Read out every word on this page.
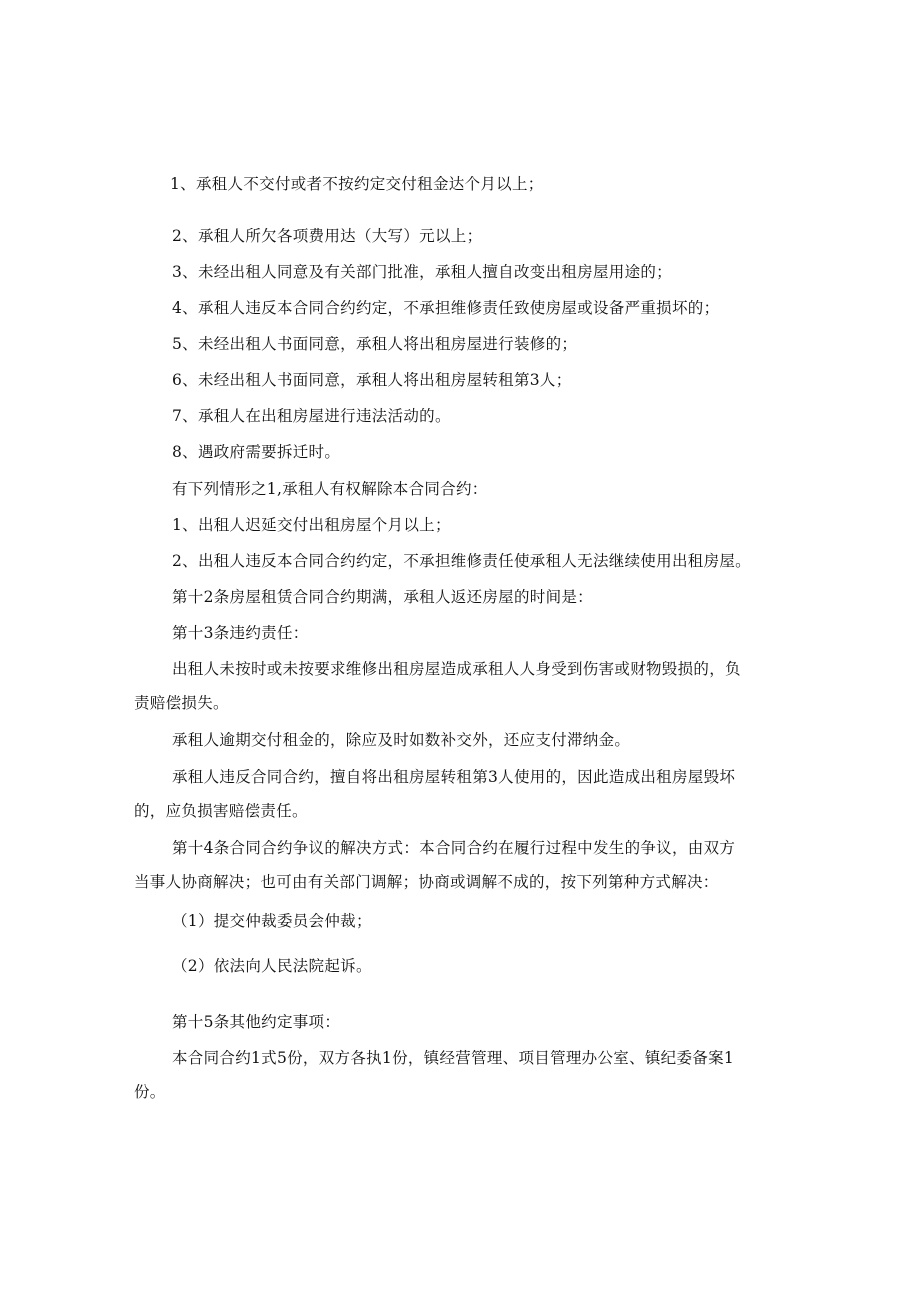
1、承租人不交付或者不按约定交付租金达个月以上；
2、承租人所欠各项费用达（大写）元以上；
3、未经出租人同意及有关部门批准，承租人擅自改变出租房屋用途的；
4、承租人违反本合同合约约定，不承担维修责任致使房屋或设备严重损坏的；
5、未经出租人书面同意，承租人将出租房屋进行装修的；
6、未经出租人书面同意，承租人将出租房屋转租第3人；
7、承租人在出租房屋进行违法活动的。
8、遇政府需要拆迁时。
有下列情形之1,承租人有权解除本合同合约：
1、出租人迟延交付出租房屋个月以上；
2、出租人违反本合同合约约定，不承担维修责任使承租人无法继续使用出租房屋。
第十2条房屋租赁合同合约期满，承租人返还房屋的时间是：
第十3条违约责任：
出租人未按时或未按要求维修出租房屋造成承租人人身受到伤害或财物毁损的，负
责赔偿损失。
承租人逾期交付租金的，除应及时如数补交外，还应支付滞纳金。
承租人违反合同合约，擅自将出租房屋转租第3人使用的，因此造成出租房屋毁坏
的，应负损害赔偿责任。
第十4条合同合约争议的解决方式：本合同合约在履行过程中发生的争议，由双方
当事人协商解决；也可由有关部门调解；协商或调解不成的，按下列第种方式解决：
（1）提交仲裁委员会仲裁；
（2）依法向人民法院起诉。
第十5条其他约定事项：
本合同合约1式5份，双方各执1份，镇经营管理、项目管理办公室、镇纪委备案1
份。
